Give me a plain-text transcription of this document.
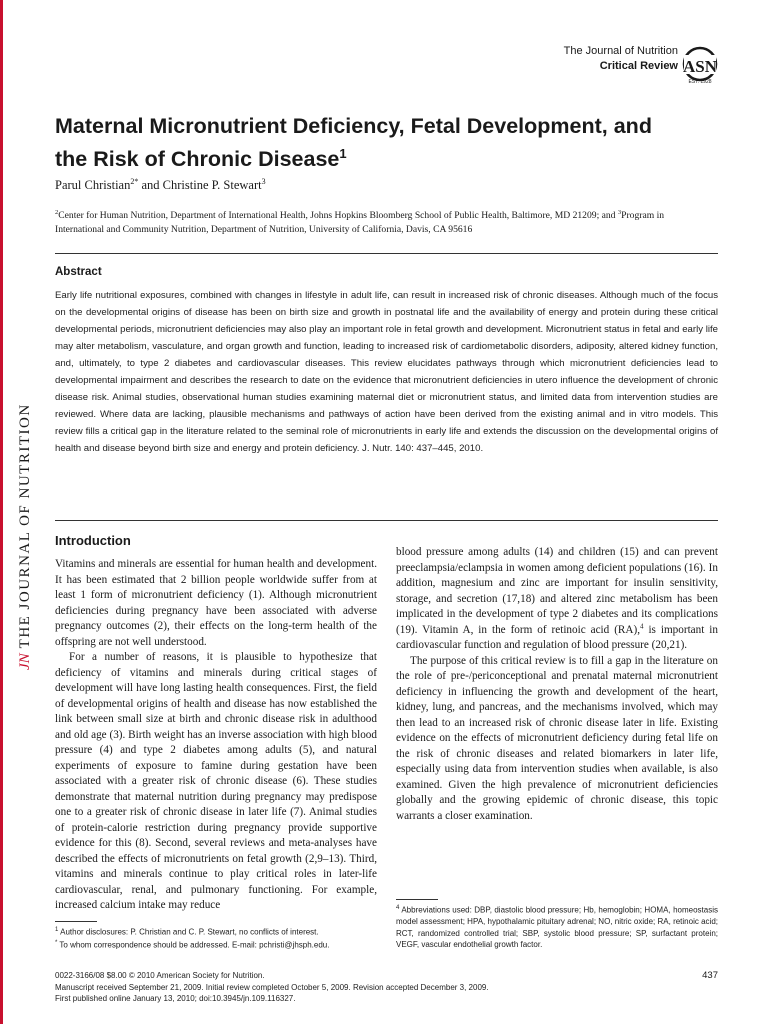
JN THE JOURNAL OF NUTRITION
The Journal of Nutrition
Critical Review ASN
EST. 1928
Maternal Micronutrient Deficiency, Fetal Development, and the Risk of Chronic Disease$^1$
Parul Christian$^{2*}$ and Christine P. Stewart$^3$
$^2$Center for Human Nutrition, Department of International Health, Johns Hopkins Bloomberg School of Public Health, Baltimore, MD 21209; and $^3$Program in International and Community Nutrition, Department of Nutrition, University of California, Davis, CA 95616
Abstract
Early life nutritional exposures, combined with changes in lifestyle in adult life, can result in increased risk of chronic diseases. Although much of the focus on the developmental origins of disease has been on birth size and growth in postnatal life and the availability of energy and protein during these critical developmental periods, micronutrient deficiencies may also play an important role in fetal growth and development. Micronutrient status in fetal and early life may alter metabolism, vasculature, and organ growth and function, leading to increased risk of cardiometabolic disorders, adiposity, altered kidney function, and, ultimately, to type 2 diabetes and cardiovascular diseases. This review elucidates pathways through which micronutrient deficiencies lead to developmental impairment and describes the research to date on the evidence that micronutrient deficiencies in utero influence the development of chronic disease risk. Animal studies, observational human studies examining maternal diet or micronutrient status, and limited data from intervention studies are reviewed. Where data are lacking, plausible mechanisms and pathways of action have been derived from the existing animal and in vitro models. This review fills a critical gap in the literature related to the seminal role of micronutrients in early life and extends the discussion on the developmental origins of health and disease beyond birth size and energy and protein deficiency. J. Nutr. 140: 437–445, 2010.
Introduction

Vitamins and minerals are essential for human health and development. It has been estimated that 2 billion people worldwide suffer from at least 1 form of micronutrient deficiency (1). Although micronutrient deficiencies during pregnancy have been associated with adverse pregnancy outcomes (2), their effects on the long-term health of the offspring are not well understood.

For a number of reasons, it is plausible to hypothesize that deficiency of vitamins and minerals during critical stages of development will have long lasting health consequences. First, the field of developmental origins of health and disease has now established the link between small size at birth and chronic disease risk in adulthood and old age (3). Birth weight has an inverse association with high blood pressure (4) and type 2 diabetes among adults (5), and natural experiments of exposure to famine during gestation have been associated with a greater risk of chronic disease (6). These studies demonstrate that maternal nutrition during pregnancy may predispose one to a greater risk of chronic disease in later life (7). Animal studies of protein-calorie restriction during pregnancy provide supportive evidence for this (8). Second, several reviews and meta-analyses have described the effects of micronutrients on fetal growth (2,9–13). Third, vitamins and minerals continue to play critical roles in later-life cardiovascular, renal, and pulmonary functioning. For example, increased calcium intake may reduce

blood pressure among adults (14) and children (15) and can prevent preeclampsia/eclampsia in women among deficient populations (16). In addition, magnesium and zinc are important for insulin sensitivity, storage, and secretion (17,18) and altered zinc metabolism has been implicated in the development of type 2 diabetes and its complications (19). Vitamin A, in the form of retinoic acid (RA),$^4$ is important in cardiovascular function and regulation of blood pressure (20,21).

The purpose of this critical review is to fill a gap in the literature on the role of pre-/periconceptional and prenatal maternal micronutrient deficiency in influencing the growth and development of the heart, kidney, lung, and pancreas, and the mechanisms involved, which may then lead to an increased risk of chronic disease later in life. Existing evidence on the effects of micronutrient deficiency during fetal life on the risk of chronic diseases and related biomarkers in later life, especially using data from intervention studies when available, is also examined. Given the high prevalence of micronutrient deficiencies globally and the growing epidemic of chronic disease, this topic warrants a closer examination.

$^1$ Author disclosures: P. Christian and C. P. Stewart, no conflicts of interest.
* To whom correspondence should be addressed. E-mail: pchristi@jhsph.edu.
$^4$ Abbreviations used: DBP, diastolic blood pressure; Hb, hemoglobin; HOMA, homeostasis model assessment; HPA, hypothalamic pituitary adrenal; NO, nitric oxide; RA, retinoic acid; RCT, randomized controlled trial; SBP, systolic blood pressure; SP, surfactant protein; VEGF, vascular endothelial growth factor.
0022-3166/08 $8.00 © 2010 American Society for Nutrition.
Manuscript received September 21, 2009. Initial review completed October 5, 2009. Revision accepted December 3, 2009.
First published online January 13, 2010; doi:10.3945/jn.109.116327.
437
